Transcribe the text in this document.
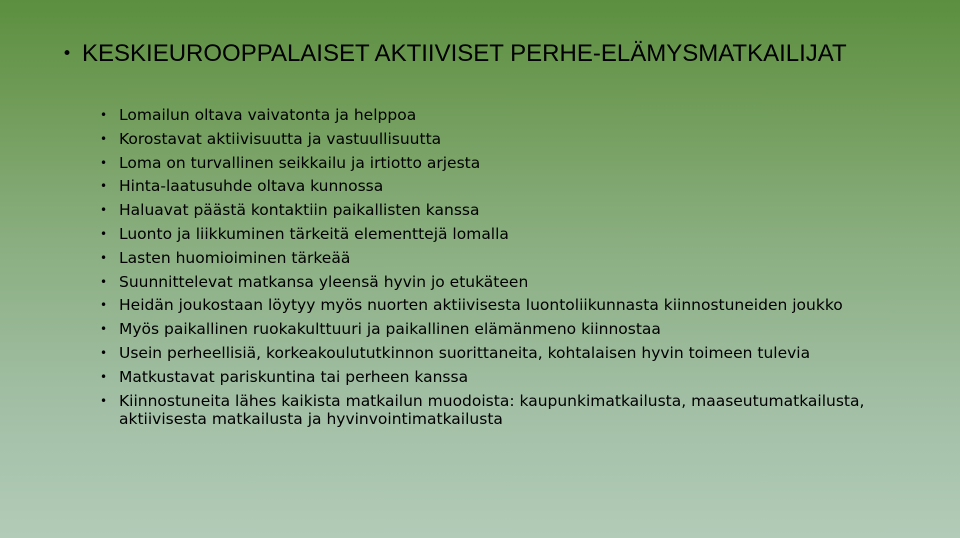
• KESKIEUROOPPALAISET AKTIIVISET PERHE-ELÄMYSMATKAILIJAT
• Lomailun oltava vaivatonta ja helppoa
• Korostavat aktiivisuutta ja vastuullisuutta
• Loma on turvallinen seikkailu ja irtiotto arjesta
• Hinta-laatusuhde oltava kunnossa
• Haluavat päästä kontaktiin paikallisten kanssa
• Luonto ja liikkuminen tärkeitä elementtejä lomalla
• Lasten huomioiminen tärkeää
• Suunnittelevat matkansa yleensä hyvin jo etukäteen
• Heidän joukostaan löytyy myös nuorten aktiivisesta luontoliikunnasta kiinnostuneiden joukko
• Myös paikallinen ruokakulttuuri ja paikallinen elämänmeno kiinnostaa
• Usein perheellisiä, korkeakoulututkinnon suorittaneita, kohtalaisen hyvin toimeen tulevia
• Matkustavat pariskuntina tai perheen kanssa
• Kiinnostuneita lähes kaikista matkailun muodoista: kaupunkimatkailusta, maaseutumatkailusta, aktiivisesta matkailusta ja hyvinvointimatkailusta
